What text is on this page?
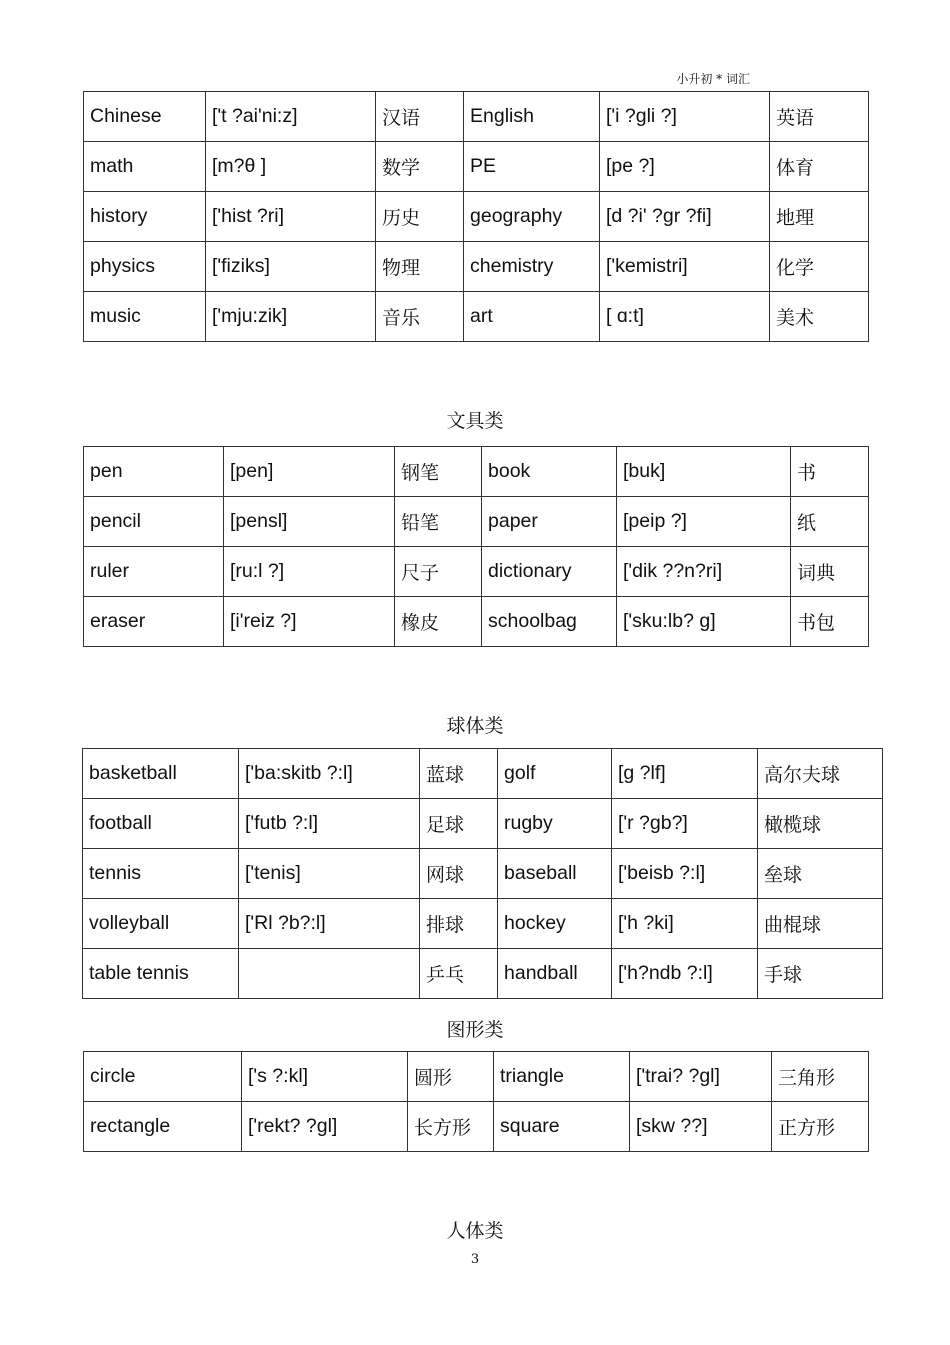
小升初 * 词汇
Chinese	['t ?ai'ni:z]	汉语	English	['i ?gli ?]	英语
math	[m?θ ]	数学	PE	[pe ?]	体育
history	['hist ?ri]	历史	geography	[d ?i' ?gr ?fi]	地理
physics	['fiziks]	物理	chemistry	['kemistri]	化学
music	['mju:zik]	音乐	art	[ ɑ:t]	美术
文具类
pen	[pen]	钢笔	book	[buk]	书
pencil	[pensl]	铅笔	paper	[peip ?]	纸
ruler	[ru:l ?]	尺子	dictionary	['dik ??n?ri]	词典
eraser	[i'reiz ?]	橡皮	schoolbag	['sku:lb? g]	书包
球体类
basketball	['ba:skitb ?:l]	蓝球	golf	[g ?lf]	高尔夫球
football	['futb ?:l]	足球	rugby	['r ?gb?]	橄榄球
tennis	['tenis]	网球	baseball	['beisb ?:l]	垒球
volleyball	['Rl ?b?:l]	排球	hockey	['h ?ki]	曲棍球
table tennis		乒乓	handball	['h?ndb ?:l]	手球
图形类
circle	['s ?:kl]	圆形	triangle	['trai? ?gl]	三角形
rectangle	['rekt? ?gl]	长方形	square	[skw ??]	正方形
人体类
3
